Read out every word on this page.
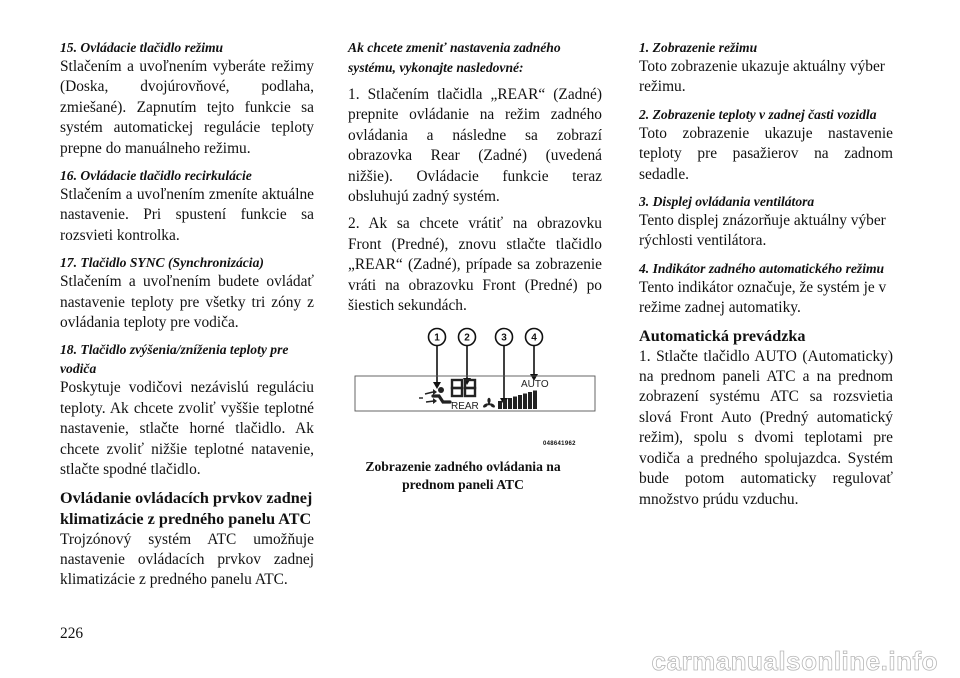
15. Ovládacie tlačidlo režimu

Stlačením a uvoľnením vyberáte režimy (Doska, dvojúrovňové, podlaha, zmiešané). Zapnutím tejto funkcie sa systém automatickej regulácie teploty prepne do manuálneho režimu.

16. Ovládacie tlačidlo recirkulácie

Stlačením a uvoľnením zmeníte aktuálne nastavenie. Pri spustení funkcie sa rozsvieti kontrolka.

17. Tlačidlo SYNC (Synchronizácia)

Stlačením a uvoľnením budete ovládať nastavenie teploty pre všetky tri zóny z ovládania teploty pre vodiča.

18. Tlačidlo zvýšenia/zníženia teploty pre vodiča

Poskytuje vodičovi nezávislú reguláciu teploty. Ak chcete zvoliť vyššie teplotné nastavenie, stlačte horné tlačidlo. Ak chcete zvoliť nižšie teplotné natavenie, stlačte spodné tlačidlo.

Ovládanie ovládacích prvkov zadnej klimatizácie z predného panelu ATC

Trojzónový systém ATC umožňuje nastavenie ovládacích prvkov zadnej klimatizácie z predného panelu ATC.

Ak chcete zmeniť nastavenia zadného systému, vykonajte nasledovné:

1. Stlačením tlačidla „REAR“ (Zadné) prepnite ovládanie na režim zadného ovládania a následne sa zobrazí obrazovka Rear (Zadné) (uvedená nižšie). Ovládacie funkcie teraz obsluhujú zadný systém.

2. Ak sa chcete vrátiť na obrazovku Front (Predné), znovu stlačte tlačidlo „REAR“ (Zadné), prípade sa zobrazenie vráti na obrazovku Front (Predné) po šiestich sekundách.

1 2	3 4
REAR
AUTO
048641962
Zobrazenie zadného ovládania na prednom paneli ATC

1. Zobrazenie režimu

Toto zobrazenie ukazuje aktuálny výber režimu.

2. Zobrazenie teploty v zadnej časti vozidla

Toto zobrazenie ukazuje nastavenie teploty pre pasažierov na zadnom sedadle.

3. Displej ovládania ventilátora

Tento displej znázorňuje aktuálny výber rýchlosti ventilátora.

4. Indikátor zadného automatického režimu

Tento indikátor označuje, že systém je v režime zadnej automatiky.

Automatická prevádzka

1. Stlačte tlačidlo AUTO (Automaticky) na prednom paneli ATC a na prednom zobrazení systému ATC sa rozsvietia slová Front Auto (Predný automatický režim), spolu s dvomi teplotami pre vodiča a predného spolujazdca. Systém bude potom automaticky regulovať množstvo prúdu vzduchu.

226
carmanualsonline.info
